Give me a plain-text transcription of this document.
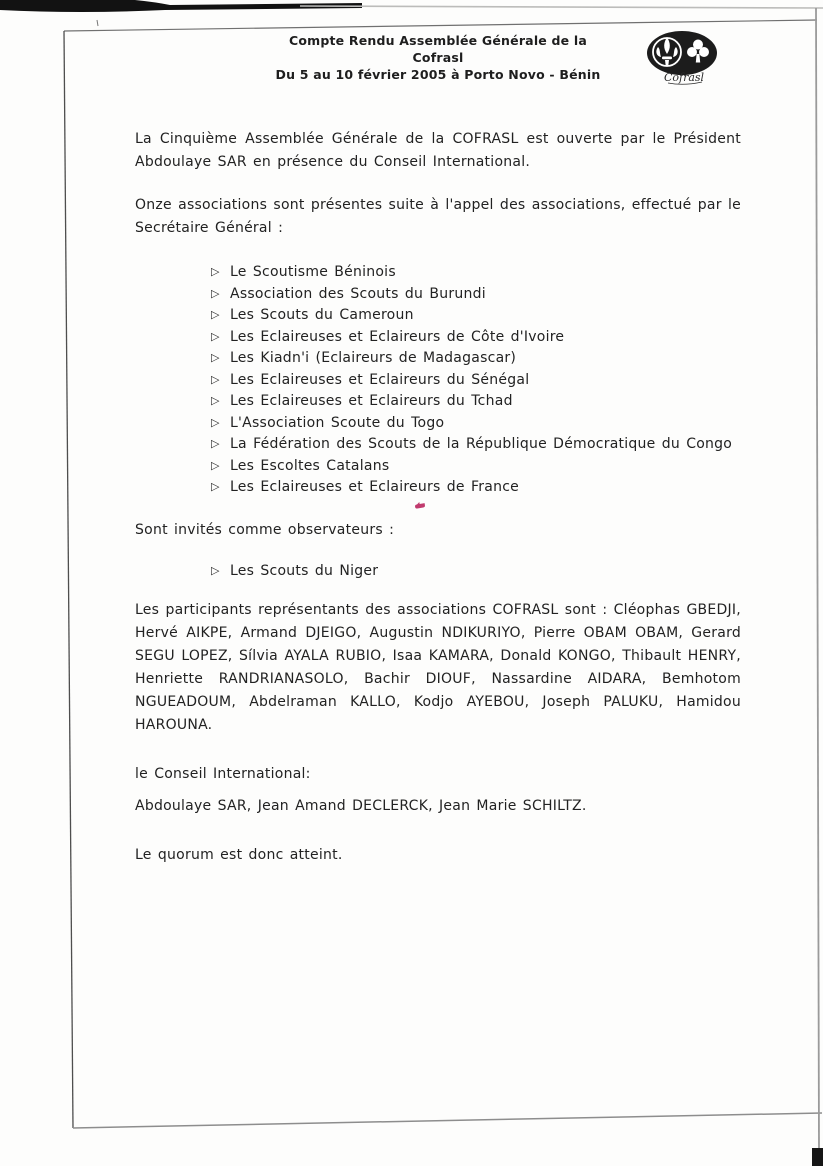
Compte Rendu Assemblée Générale de la Cofrasl
Du 5 au 10 février 2005 à Porto Novo - Bénin	Cofrasl

La Cinquième Assemblée Générale de la COFRASL est ouverte par le Président Abdoulaye SAR en présence du Conseil International.

Onze associations sont présentes suite à l'appel des associations, effectué par le Secrétaire Général :

▷ Le Scoutisme Béninois
▷ Association des Scouts du Burundi
▷ Les Scouts du Cameroun
▷ Les Eclaireuses et Eclaireurs de Côte d'Ivoire
▷ Les Kiadn'i (Eclaireurs de Madagascar)
▷ Les Eclaireuses et Eclaireurs du Sénégal
▷ Les Eclaireuses et Eclaireurs du Tchad
▷ L'Association Scoute du Togo
▷ La Fédération des Scouts de la République Démocratique du Congo
▷ Les Escoltes Catalans
▷ Les Eclaireuses et Eclaireurs de France

Sont invités comme observateurs :

▷ Les Scouts du Niger

Les participants représentants des associations COFRASL sont : Cléophas GBEDJI, Hervé AIKPE, Armand DJEIGO, Augustin NDIKURIYO, Pierre OBAM OBAM, Gerard SEGU LOPEZ, Sílvia AYALA RUBIO, Isaa KAMARA, Donald KONGO, Thibault HENRY, Henriette RANDRIANASOLO, Bachir DIOUF, Nassardine AIDARA, Bemhotom NGUEADOUM, Abdelraman KALLO, Kodjo AYEBOU, Joseph PALUKU, Hamidou HAROUNA.

le Conseil International:

Abdoulaye SAR, Jean Amand DECLERCK, Jean Marie SCHILTZ.

Le quorum est donc atteint.
